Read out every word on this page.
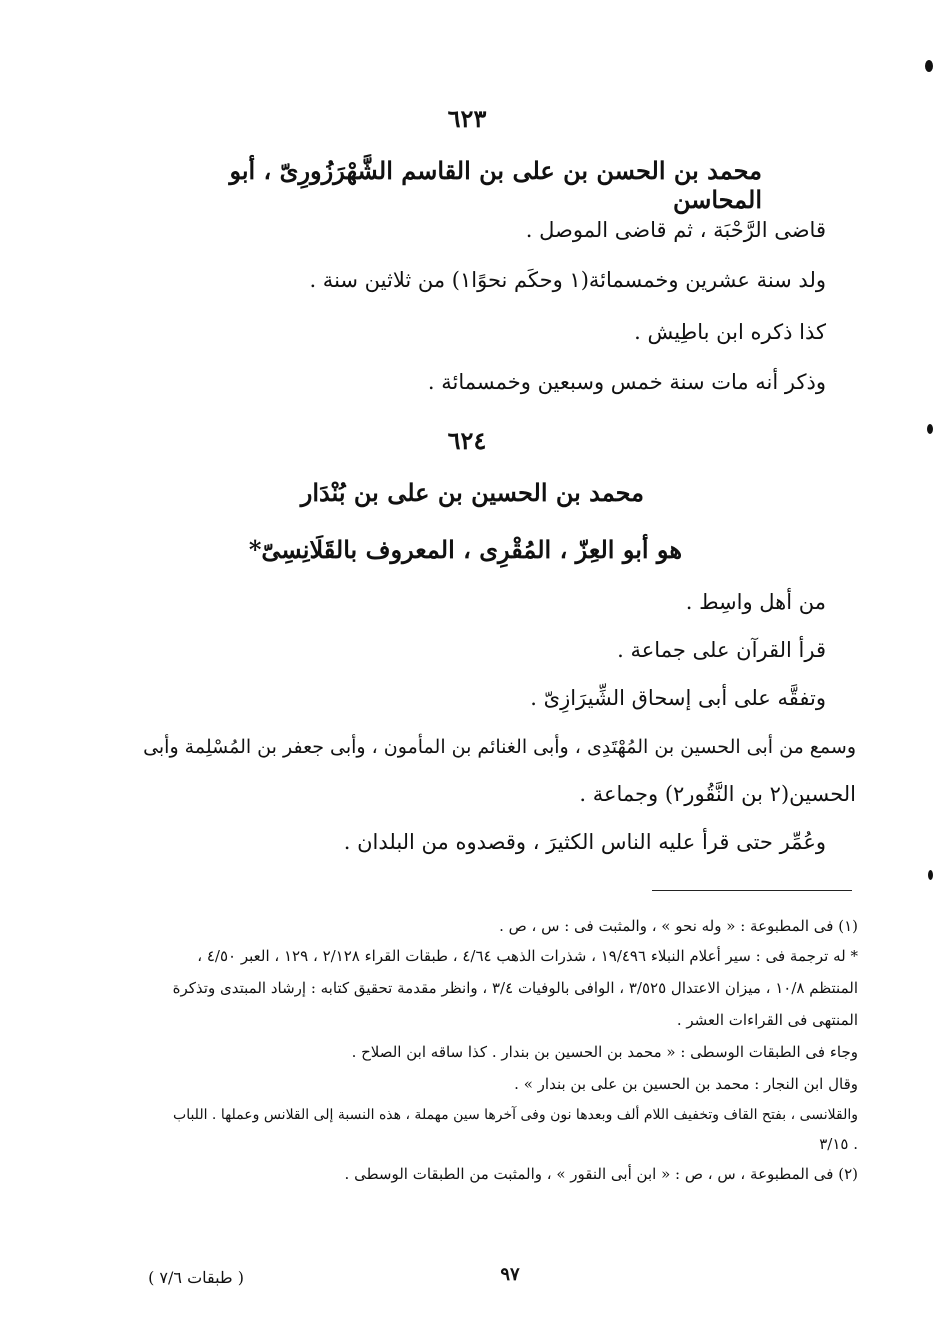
٦٢٣
محمد بن الحسن بن على بن القاسم الشَّهْرَزُورِىّ ، أبو المحاسن
قاضى الرَّحْبَة ، ثم قاضى الموصل .
ولد سنة عشرين وخمسمائة(١ وحكَم نحوًا١) من ثلاثين سنة .
كذا ذكره ابن باطِيش .
وذكر أنه مات سنة خمس وسبعين وخمسمائة .
٦٢٤
محمد بن الحسين بن على بن بُنْدَار
هو أبو العِزّ ، المُقْرِى ، المعروف بالقَلَانِسِىّ*
من أهل واسِط .
قرأ القرآن على جماعة .
وتفقَّه على أبى إسحاق الشِّيرَازِىّ .
وسمع من أبى الحسين بن المُهْتَدِى ، وأبى الغنائم بن المأمون ، وأبى جعفر بن المُسْلِمة وأبى
الحسين(٢ بن النَّقُور٢) وجماعة .
وعُمِّر حتى قرأ عليه الناس الكثيرَ ، وقصدوه من البلدان .
(١) فى المطبوعة : « وله نحو » ، والمثبت فى : س ، ص .
* له ترجمة فى : سير أعلام النبلاء ١٩/٤٩٦ ، شذرات الذهب ٤/٦٤ ، طبقات القراء ٢/١٢٨ ، ١٢٩ ، العبر ٤/٥٠ ،
المنتظم ١٠/٨ ، ميزان الاعتدال ٣/٥٢٥ ، الوافى بالوفيات ٣/٤ ، وانظر مقدمة تحقيق كتابه : إرشاد المبتدى وتذكرة
المنتهى فى القراءات العشر .
وجاء فى الطبقات الوسطى : « محمد بن الحسين بن بندار . كذا ساقه ابن الصلاح .
وقال ابن النجار : محمد بن الحسين بن على بن بندار » .
والقلانسى ، بفتح القاف وتخفيف اللام ألف وبعدها نون وفى آخرها سين مهملة ، هذه النسبة إلى القلانس وعملها . اللباب
٣/١٥ .
(٢) فى المطبوعة ، س ، ص : « ابن أبى النقور » ، والمثبت من الطبقات الوسطى .
٩٧
( طبقات ٧/٦ )
